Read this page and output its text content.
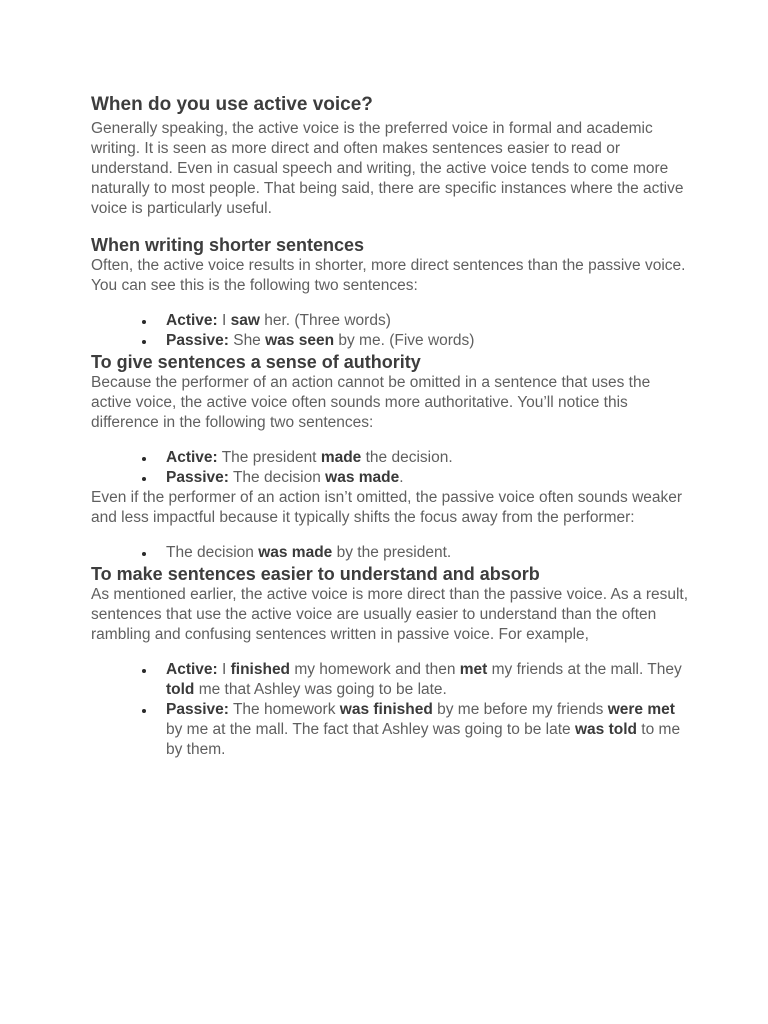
When do you use active voice?

Generally speaking, the active voice is the preferred voice in formal and academic writing. It is seen as more direct and often makes sentences easier to read or understand. Even in casual speech and writing, the active voice tends to come more naturally to most people. That being said, there are specific instances where the active voice is particularly useful.

When writing shorter sentences

Often, the active voice results in shorter, more direct sentences than the passive voice. You can see this is the following two sentences:

Active: I saw her. (Three words)
Passive: She was seen by me. (Five words)
To give sentences a sense of authority

Because the performer of an action cannot be omitted in a sentence that uses the active voice, the active voice often sounds more authoritative. You’ll notice this difference in the following two sentences:

Active: The president made the decision.
Passive: The decision was made.

Even if the performer of an action isn’t omitted, the passive voice often sounds weaker and less impactful because it typically shifts the focus away from the performer:

The decision was made by the president.
To make sentences easier to understand and absorb

As mentioned earlier, the active voice is more direct than the passive voice. As a result, sentences that use the active voice are usually easier to understand than the often rambling and confusing sentences written in passive voice. For example,

Active: I finished my homework and then met my friends at the mall. They told me that Ashley was going to be late.
Passive: The homework was finished by me before my friends were met by me at the mall. The fact that Ashley was going to be late was told to me by them.
